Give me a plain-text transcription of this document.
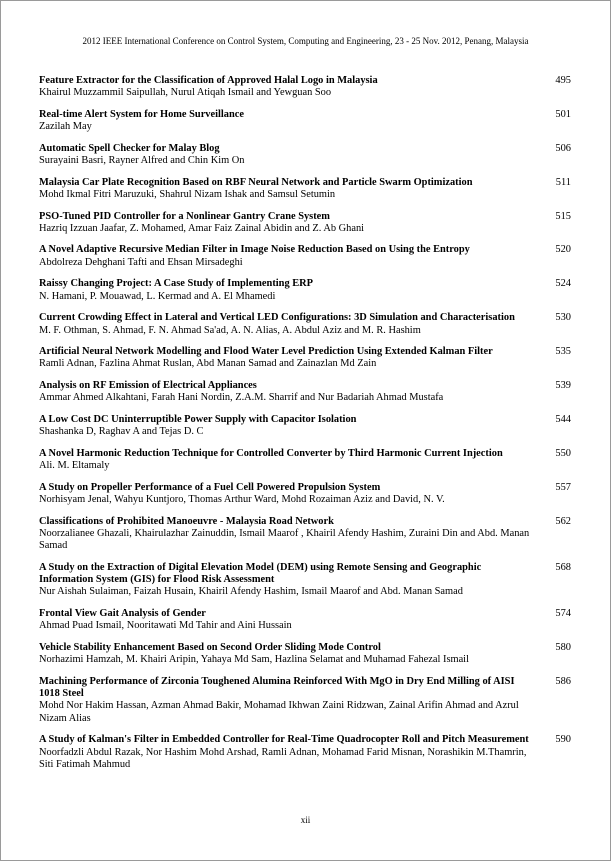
2012 IEEE International Conference on Control System, Computing and Engineering, 23 - 25 Nov. 2012, Penang, Malaysia
Feature Extractor for the Classification of Approved Halal Logo in Malaysia
Khairul Muzzammil Saipullah, Nurul Atiqah Ismail and Yewguan Soo
495
Real-time Alert System for Home Surveillance
Zazilah May
501
Automatic Spell Checker for Malay Blog
Surayaini Basri, Rayner Alfred and Chin Kim On
506
Malaysia Car Plate Recognition Based on RBF Neural Network and Particle Swarm Optimization
Mohd Ikmal Fitri Maruzuki, Shahrul Nizam Ishak and Samsul Setumin
511
PSO-Tuned PID Controller for a Nonlinear Gantry Crane System
Hazriq Izzuan Jaafar, Z. Mohamed, Amar Faiz Zainal Abidin and Z. Ab Ghani
515
A Novel Adaptive Recursive Median Filter in Image Noise Reduction Based on Using the Entropy
Abdolreza Dehghani Tafti and Ehsan Mirsadeghi
520
Raissy Changing Project: A Case Study of Implementing ERP
N. Hamani, P. Mouawad, L. Kermad and A. El Mhamedi
524
Current Crowding Effect in Lateral and Vertical LED Configurations: 3D Simulation and Characterisation
M. F. Othman, S. Ahmad, F. N. Ahmad Sa'ad, A. N. Alias, A. Abdul Aziz and M. R. Hashim
530
Artificial Neural Network Modelling and Flood Water Level Prediction Using Extended Kalman Filter
Ramli Adnan, Fazlina Ahmat Ruslan, Abd Manan Samad and Zainazlan Md Zain
535
Analysis on RF Emission of Electrical Appliances
Ammar Ahmed Alkahtani, Farah Hani Nordin, Z.A.M. Sharrif and Nur Badariah Ahmad Mustafa
539
A Low Cost DC Uninterruptible Power Supply with Capacitor Isolation
Shashanka D, Raghav A and Tejas D. C
544
A Novel Harmonic Reduction Technique for Controlled Converter by Third Harmonic Current Injection
Ali. M. Eltamaly
550
A Study on Propeller Performance of a Fuel Cell Powered Propulsion System
Norhisyam Jenal, Wahyu Kuntjoro, Thomas Arthur Ward, Mohd Rozaiman Aziz and David, N. V.
557
Classifications of Prohibited Manoeuvre - Malaysia Road Network
Noorzalianee Ghazali, Khairulazhar Zainuddin, Ismail Maarof , Khairil Afendy Hashim, Zuraini Din and Abd. Manan Samad
562
A Study on the Extraction of Digital Elevation Model (DEM) using Remote Sensing and Geographic Information System (GIS) for Flood Risk Assessment
Nur Aishah Sulaiman, Faizah Husain, Khairil Afendy Hashim, Ismail Maarof and Abd. Manan Samad
568
Frontal View Gait Analysis of Gender
Ahmad Puad Ismail, Nooritawati Md Tahir and Aini Hussain
574
Vehicle Stability Enhancement Based on Second Order Sliding Mode Control
Norhazimi Hamzah, M. Khairi Aripin, Yahaya Md Sam, Hazlina Selamat and Muhamad Fahezal Ismail
580
Machining Performance of Zirconia Toughened Alumina Reinforced With MgO in Dry End Milling of AISI 1018 Steel
Mohd Nor Hakim Hassan, Azman Ahmad Bakir, Mohamad Ikhwan Zaini Ridzwan, Zainal Arifin Ahmad and Azrul Nizam Alias
586
A Study of Kalman's Filter in Embedded Controller for Real-Time Quadrocopter Roll and Pitch Measurement
Noorfadzli Abdul Razak, Nor Hashim Mohd Arshad, Ramli Adnan, Mohamad Farid Misnan, Norashikin M.Thamrin, Siti Fatimah Mahmud
590
xii
